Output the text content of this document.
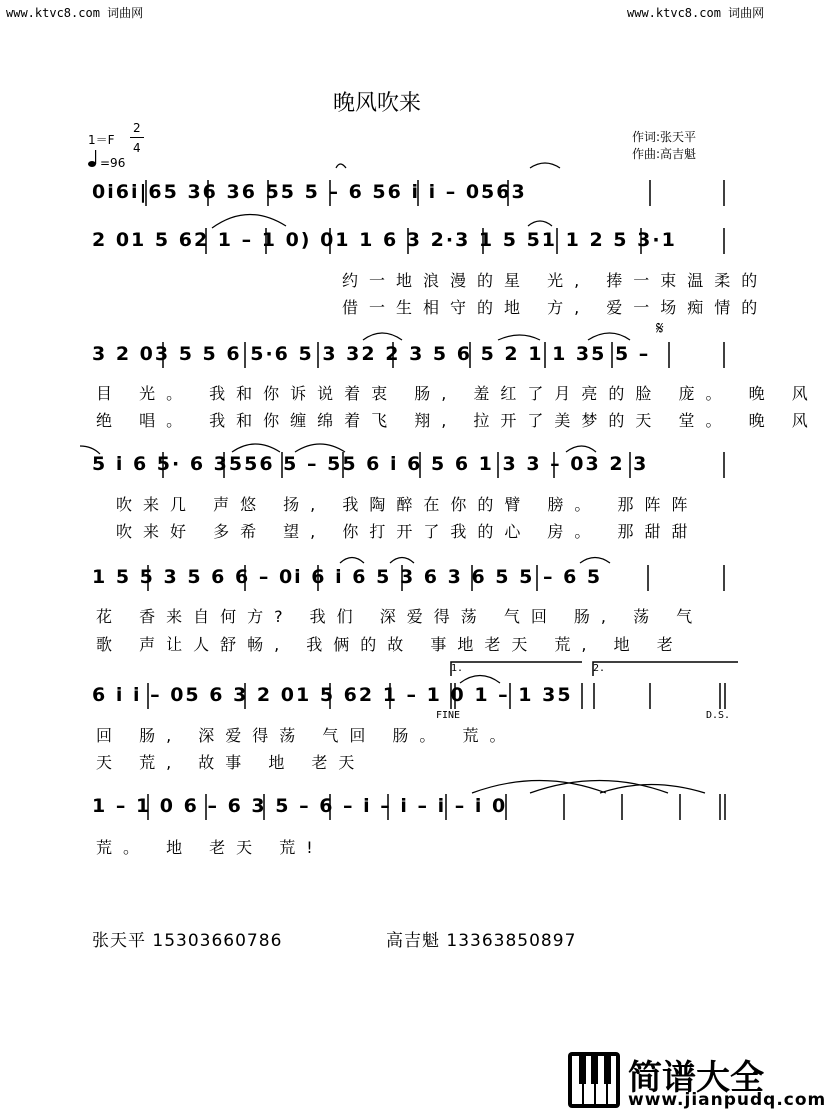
www.ktvc8.com 词曲网	www.ktvc8.com 词曲网
晚风吹来
1＝F
2
4
=96
作词:张天平
作曲:高吉魁
0i6i|65 36 36 55 5 – 6 56 i i – 0563
2 01 5 62 1 – 1 0) 01 1 6 3 2·3 1 5 51 1 2 5 3·1
3 2 03 5 5 6 5·6 5 3 32 2 3 5 6 5 2 1 1 35 5 –
5 i 6 5· 6 3556 5 – 55 6 i 6 5 6 1 3 3 – 03 2 3
1 5 5 3 5 6 6 – 0i 6 i 6 5 3 6 3 6 5 5 – 6 5
6 i i – 05 6 3 2 01 5 62 1 – 1 0 1 – 1 35
1 – 1 0 6 – 6 3 5 – 6 – i – i – i – i 0
约一地浪漫的星 光, 捧一束温柔的
借一生相守的地 方, 爱一场痴情的
目 光。 我和你诉说着衷 肠, 羞红了月亮的脸 庞。 晚 风
绝 唱。 我和你缠绵着飞 翔, 拉开了美梦的天 堂。 晚 风
吹来几 声悠 扬, 我陶醉在你的臂 膀。 那阵阵
吹来好 多希 望, 你打开了我的心 房。 那甜甜
花 香来自何方? 我们 深爱得荡 气回 肠, 荡 气
歌 声让人舒畅, 我俩的故 事地老天 荒, 地 老
回 肠, 深爱得荡 气回 肠。 荒。
天 荒, 故事 地 老天
荒。 地 老天 荒!
FINE	D.S.
1.	2.
𝄋
张天平 15303660786	高吉魁 13363850897
简谱大全
www.jianpudq.com
